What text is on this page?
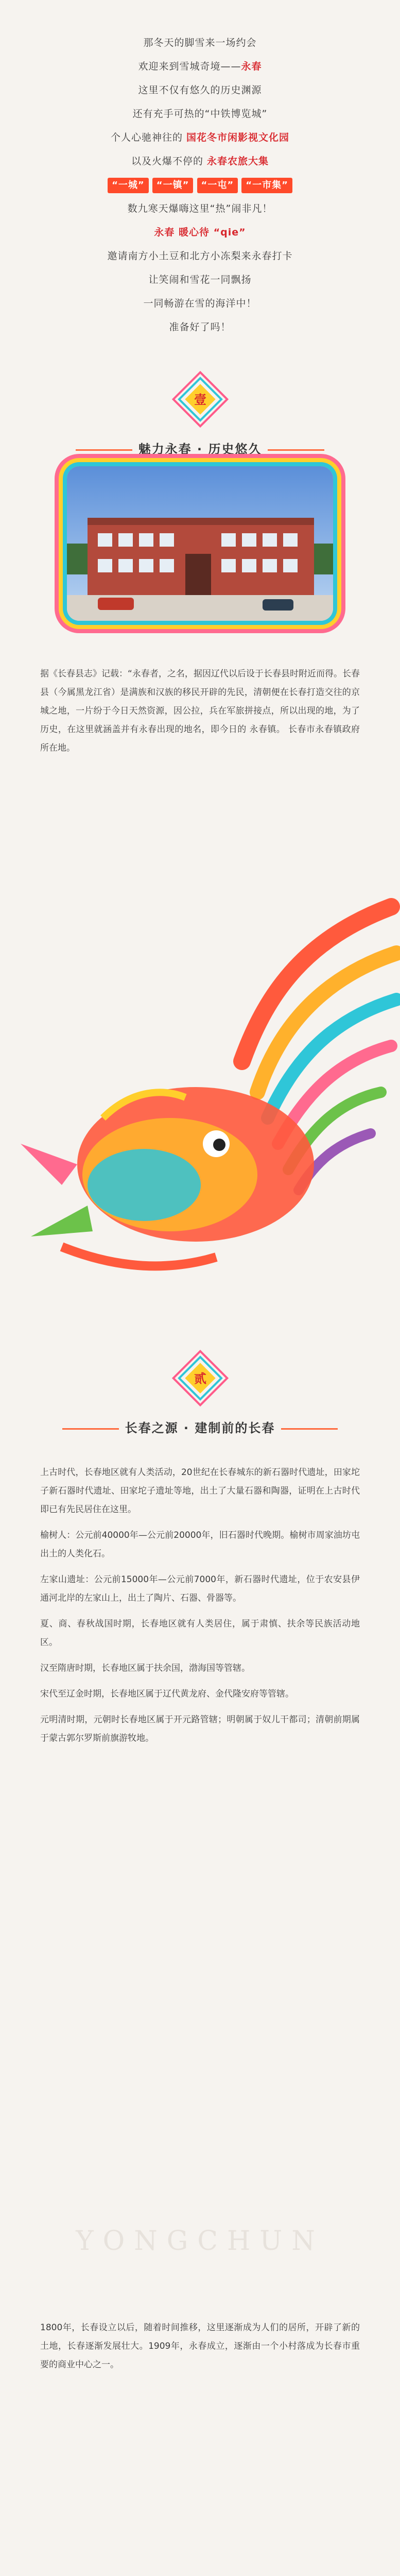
那冬天的脚雪来一场约会

欢迎来到雪城奇境——永春

这里不仅有悠久的历史渊源

还有充手可热的“中铁博览城”

个人心驰神往的 国花冬市闲影视文化园

以及火爆不停的 永春农旅大集

“一城” “一镇” “一屯” “一市集”

数九寒天爆嗨这里“热”闹非凡！

永春 暖心待 “qie”

邀请南方小土豆和北方小冻梨来永春打卡

让笑闹和雪花一同飘扬

一同畅游在雪的海洋中！

准备好了吗！

壹
魅力永春 · 历史悠久

据《长春县志》记载：“永春者，之名，据因辽代以后设于长春县时附近而得。长春县（今属黑龙江省）是满族和汉族的移民开辟的先民，清朝便在长春打造交往的京城之地，一片纷于今日天然资源，因公拉，兵在军旅拼接点，所以出现的地，为了历史，在这里就涵盖并有永春出现的地名，即今日的 永春镇。 长春市永春镇政府 所在地。

贰
长春之源 · 建制前的长春

上古时代，长春地区就有人类活动，20世纪在长春城东的新石器时代遗址，田家坨子新石器时代遗址、田家坨子遗址等地，出土了大量石器和陶器，证明在上古时代即已有先民居住在这里。

榆树人：公元前40000年—公元前20000年，旧石器时代晚期。榆树市周家油坊屯出土的人类化石。

左家山遗址：公元前15000年—公元前7000年，新石器时代遗址，位于农安县伊通河北岸的左家山上，出土了陶片、石器、骨器等。

夏、商、春秋战国时期，长春地区就有人类居住，属于肃慎、扶余等民族活动地区。

汉至隋唐时期，长春地区属于扶余国，渤海国等管辖。

宋代至辽金时期，长春地区属于辽代黄龙府、金代隆安府等管辖。

元明清时期，元朝时长春地区属于开元路管辖；明朝属于奴儿干都司；清朝前期属于蒙古郭尔罗斯前旗游牧地。

YONGCHUN

1800年，长春设立以后，随着时间推移，这里逐渐成为人们的居所，开辟了新的土地，长春逐渐发展壮大。1909年，永春成立，逐渐由一个小村落成为长春市重要的商业中心之一。
